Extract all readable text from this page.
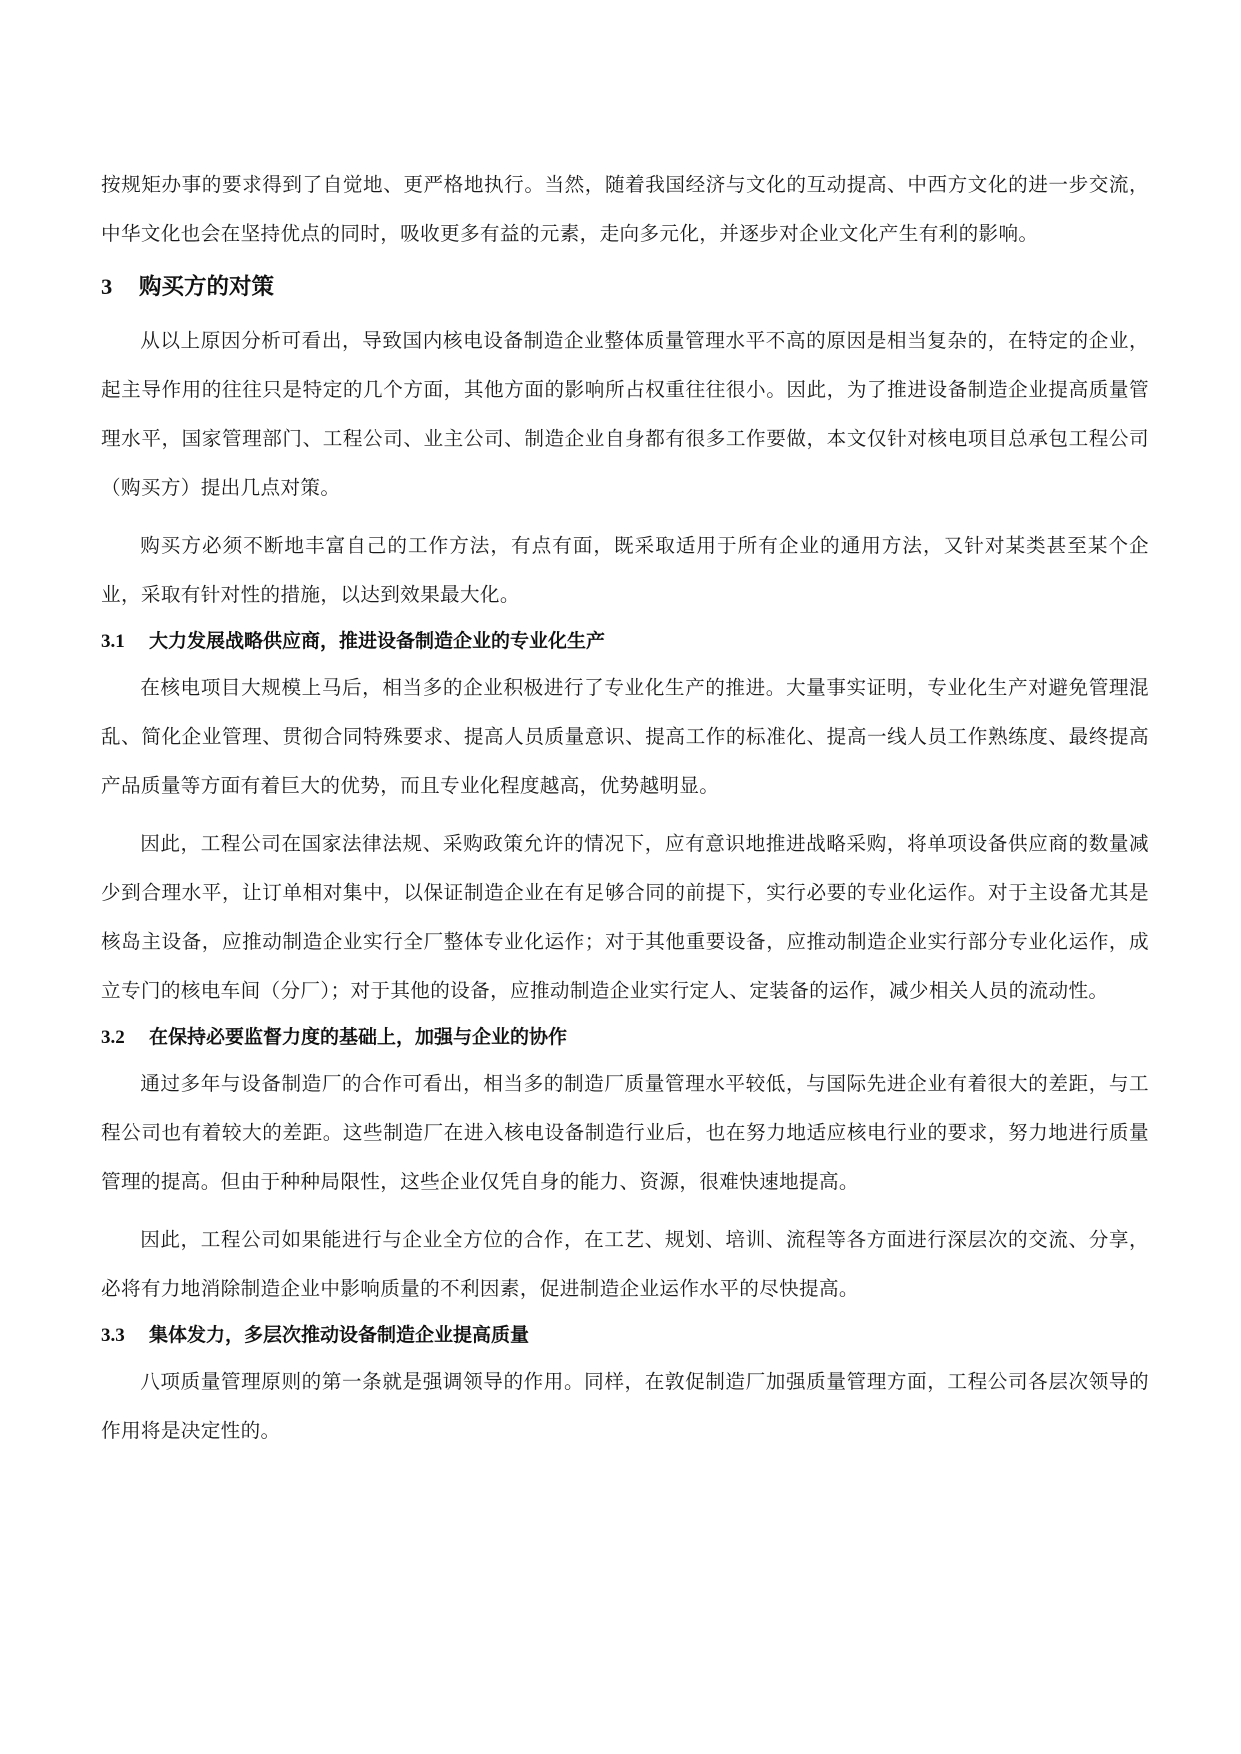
按规矩办事的要求得到了自觉地、更严格地执行。当然，随着我国经济与文化的互动提高、中西方文化的进一步交流，中华文化也会在坚持优点的同时，吸收更多有益的元素，走向多元化，并逐步对企业文化产生有利的影响。

3 购买方的对策

从以上原因分析可看出，导致国内核电设备制造企业整体质量管理水平不高的原因是相当复杂的，在特定的企业，起主导作用的往往只是特定的几个方面，其他方面的影响所占权重往往很小。因此，为了推进设备制造企业提高质量管理水平，国家管理部门、工程公司、业主公司、制造企业自身都有很多工作要做，本文仅针对核电项目总承包工程公司（购买方）提出几点对策。

购买方必须不断地丰富自己的工作方法，有点有面，既采取适用于所有企业的通用方法，又针对某类甚至某个企业，采取有针对性的措施，以达到效果最大化。

3.1 大力发展战略供应商，推进设备制造企业的专业化生产

在核电项目大规模上马后，相当多的企业积极进行了专业化生产的推进。大量事实证明，专业化生产对避免管理混乱、简化企业管理、贯彻合同特殊要求、提高人员质量意识、提高工作的标准化、提高一线人员工作熟练度、最终提高产品质量等方面有着巨大的优势，而且专业化程度越高，优势越明显。

因此，工程公司在国家法律法规、采购政策允许的情况下，应有意识地推进战略采购，将单项设备供应商的数量减少到合理水平，让订单相对集中，以保证制造企业在有足够合同的前提下，实行必要的专业化运作。对于主设备尤其是核岛主设备，应推动制造企业实行全厂整体专业化运作；对于其他重要设备，应推动制造企业实行部分专业化运作，成立专门的核电车间（分厂）；对于其他的设备，应推动制造企业实行定人、定装备的运作，减少相关人员的流动性。

3.2 在保持必要监督力度的基础上，加强与企业的协作

通过多年与设备制造厂的合作可看出，相当多的制造厂质量管理水平较低，与国际先进企业有着很大的差距，与工程公司也有着较大的差距。这些制造厂在进入核电设备制造行业后，也在努力地适应核电行业的要求，努力地进行质量管理的提高。但由于种种局限性，这些企业仅凭自身的能力、资源，很难快速地提高。

因此，工程公司如果能进行与企业全方位的合作，在工艺、规划、培训、流程等各方面进行深层次的交流、分享，必将有力地消除制造企业中影响质量的不利因素，促进制造企业运作水平的尽快提高。

3.3 集体发力，多层次推动设备制造企业提高质量

八项质量管理原则的第一条就是强调领导的作用。同样，在敦促制造厂加强质量管理方面，工程公司各层次领导的作用将是决定性的。
